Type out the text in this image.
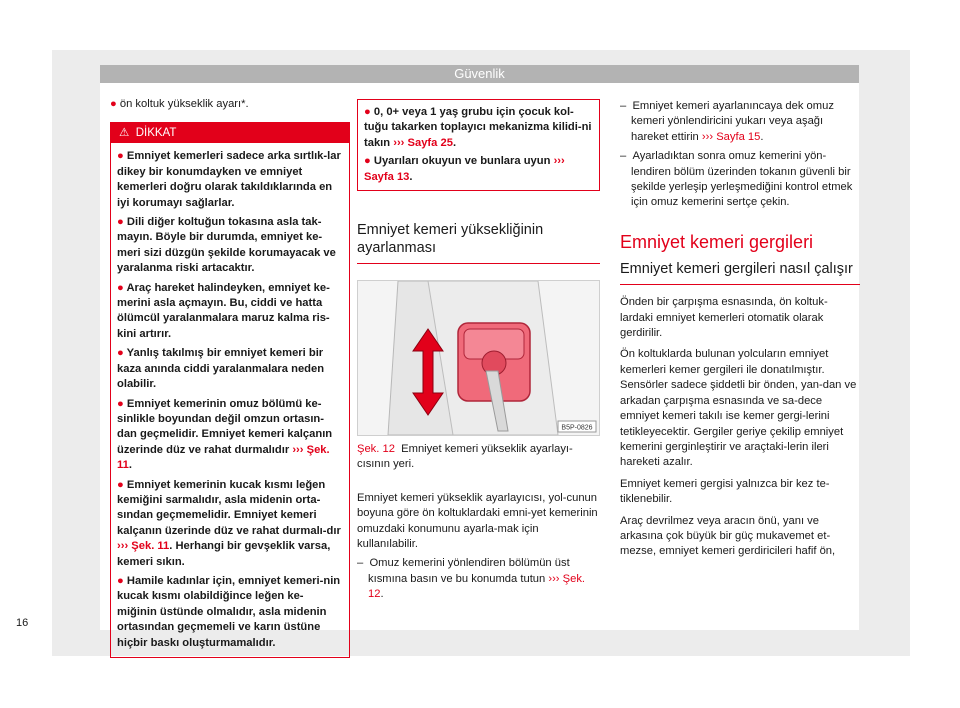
Güvenlik

● ön koltuk yükseklik ayarı*.

⚠ DİKKAT

● Emniyet kemerleri sadece arka sırtlık-lar dikey bir konumdayken ve emniyet kemerleri doğru olarak takıldıklarında en iyi korumayı sağlarlar.

● Dili diğer koltuğun tokasına asla tak-mayın. Böyle bir durumda, emniyet ke-meri sizi düzgün şekilde korumayacak ve yaralanma riski artacaktır.

● Araç hareket halindeyken, emniyet ke-merini asla açmayın. Bu, ciddi ve hatta ölümcül yaralanmalara maruz kalma ris-kini artırır.

● Yanlış takılmış bir emniyet kemeri bir kaza anında ciddi yaralanmalara neden olabilir.

● Emniyet kemerinin omuz bölümü ke-sinlikle boyundan değil omzun ortasın-dan geçmelidir. Emniyet kemeri kalçanın üzerinde düz ve rahat durmalıdır ››› Şek. 11.

● Emniyet kemerinin kucak kısmı leğen kemiğini sarmalıdır, asla midenin orta-sından geçmemelidir. Emniyet kemeri kalçanın üzerinde düz ve rahat durmalı-dır ››› Şek. 11. Herhangi bir gevşeklik varsa, kemeri sıkın.

● Hamile kadınlar için, emniyet kemeri-nin kucak kısmı olabildiğince leğen ke-miğinin üstünde olmalıdır, asla midenin ortasından geçmemeli ve karın üstüne hiçbir baskı oluşturmamalıdır.

● 0, 0+ veya 1 yaş grubu için çocuk kol-tuğu takarken toplayıcı mekanizma kilidi-ni takın ››› Sayfa 25.

● Uyarıları okuyun ve bunlara uyun ››› Sayfa 13.

Emniyet kemeri yüksekliğinin ayarlanması
B5P-0826

Şek. 12 Emniyet kemeri yükseklik ayarlayı-cısının yeri.

Emniyet kemeri yükseklik ayarlayıcısı, yol-cunun boyuna göre ön koltuklardaki emni-yet kemerinin omuzdaki konumunu ayarla-mak için kullanılabilir.

–  Omuz kemerini yönlendiren bölümün üst kısmına basın ve bu konumda tutun ››› Şek. 12.

–  Emniyet kemeri ayarlanıncaya dek omuz kemeri yönlendiricini yukarı veya aşağı hareket ettirin ››› Sayfa 15.

–  Ayarladıktan sonra omuz kemerini yön-lendiren bölüm üzerinden tokanın güvenli bir şekilde yerleşip yerleşmediğini kontrol etmek için omuz kemerini sertçe çekin.

Emniyet kemeri gergileri
Emniyet kemeri gergileri nasıl çalışır

Önden bir çarpışma esnasında, ön koltuk-lardaki emniyet kemerleri otomatik olarak gerdirilir.

Ön koltuklarda bulunan yolcuların emniyet kemerleri kemer gergileri ile donatılmıştır. Sensörler sadece şiddetli bir önden, yan-dan ve arkadan çarpışma esnasında ve sa-dece emniyet kemeri takılı ise kemer gergi-lerini tetikleyecektir. Gergiler geriye çekilip emniyet kemerini gerginleştirir ve araçtaki-lerin ileri hareketi azalır.

Emniyet kemeri gergisi yalnızca bir kez te-tiklenebilir.

Araç devrilmez veya aracın önü, yanı ve arkasına çok büyük bir güç mukavemet et-mezse, emniyet kemeri gerdiricileri hafif ön,

16
